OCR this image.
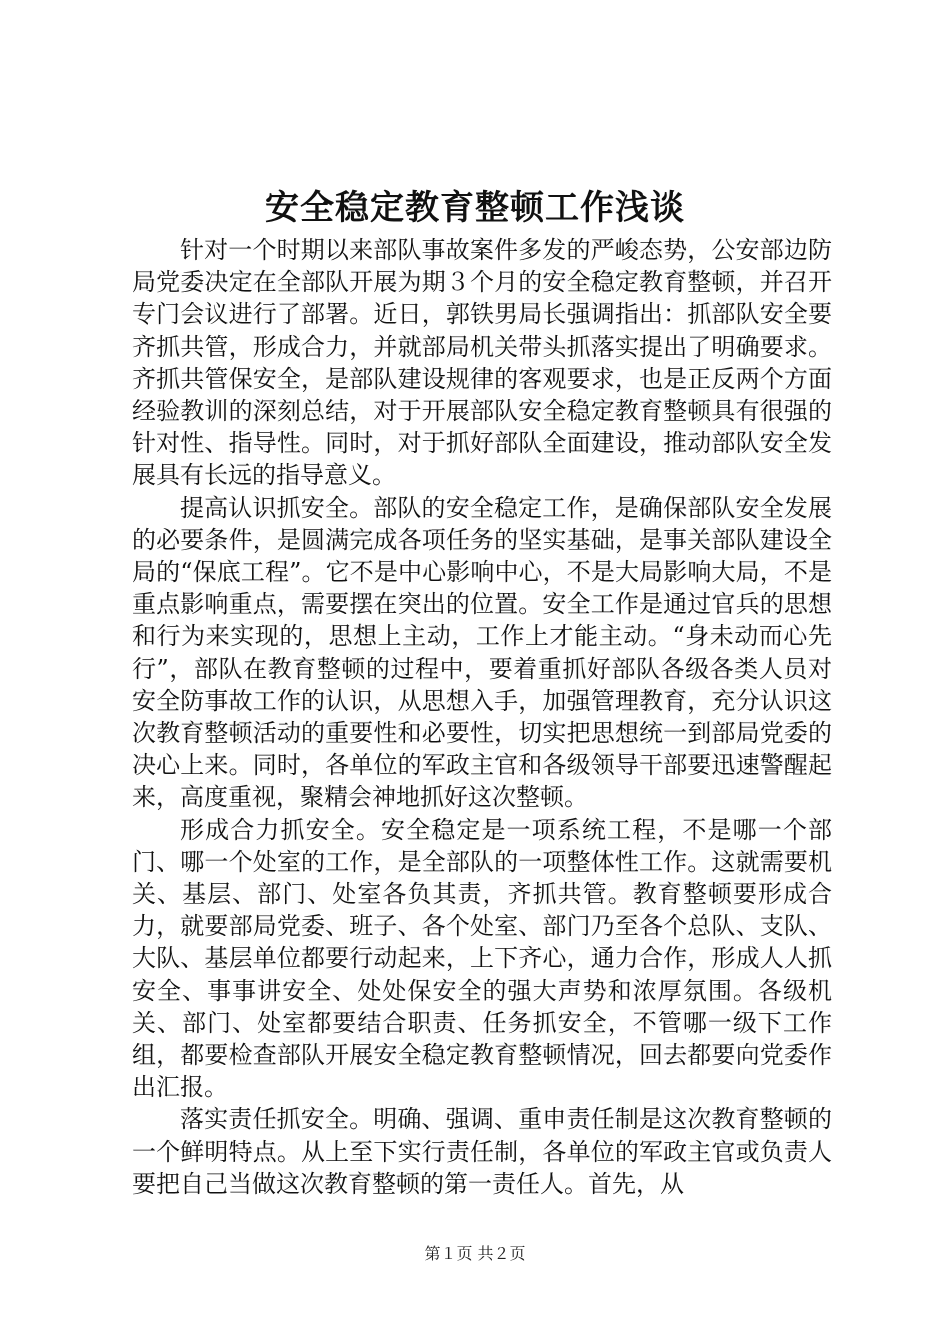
安全稳定教育整顿工作浅谈

针对一个时期以来部队事故案件多发的严峻态势，公安部边防局党委决定在全部队开展为期３个月的安全稳定教育整顿，并召开专门会议进行了部署。近日，郭铁男局长强调指出：抓部队安全要齐抓共管，形成合力，并就部局机关带头抓落实提出了明确要求。齐抓共管保安全，是部队建设规律的客观要求，也是正反两个方面经验教训的深刻总结，对于开展部队安全稳定教育整顿具有很强的针对性、指导性。同时，对于抓好部队全面建设，推动部队安全发展具有长远的指导意义。

提高认识抓安全。部队的安全稳定工作，是确保部队安全发展的必要条件，是圆满完成各项任务的坚实基础，是事关部队建设全局的“保底工程”。它不是中心影响中心，不是大局影响大局，不是重点影响重点，需要摆在突出的位置。安全工作是通过官兵的思想和行为来实现的，思想上主动，工作上才能主动。“身未动而心先行”，部队在教育整顿的过程中，要着重抓好部队各级各类人员对安全防事故工作的认识，从思想入手，加强管理教育，充分认识这次教育整顿活动的重要性和必要性，切实把思想统一到部局党委的决心上来。同时，各单位的军政主官和各级领导干部要迅速警醒起来，高度重视，聚精会神地抓好这次整顿。

形成合力抓安全。安全稳定是一项系统工程，不是哪一个部门、哪一个处室的工作，是全部队的一项整体性工作。这就需要机关、基层、部门、处室各负其责，齐抓共管。教育整顿要形成合力，就要部局党委、班子、各个处室、部门乃至各个总队、支队、大队、基层单位都要行动起来，上下齐心，通力合作，形成人人抓安全、事事讲安全、处处保安全的强大声势和浓厚氛围。各级机关、部门、处室都要结合职责、任务抓安全，不管哪一级下工作组，都要检查部队开展安全稳定教育整顿情况，回去都要向党委作出汇报。

落实责任抓安全。明确、强调、重申责任制是这次教育整顿的一个鲜明特点。从上至下实行责任制，各单位的军政主官或负责人要把自己当做这次教育整顿的第一责任人。首先，从

第１页 共２页
